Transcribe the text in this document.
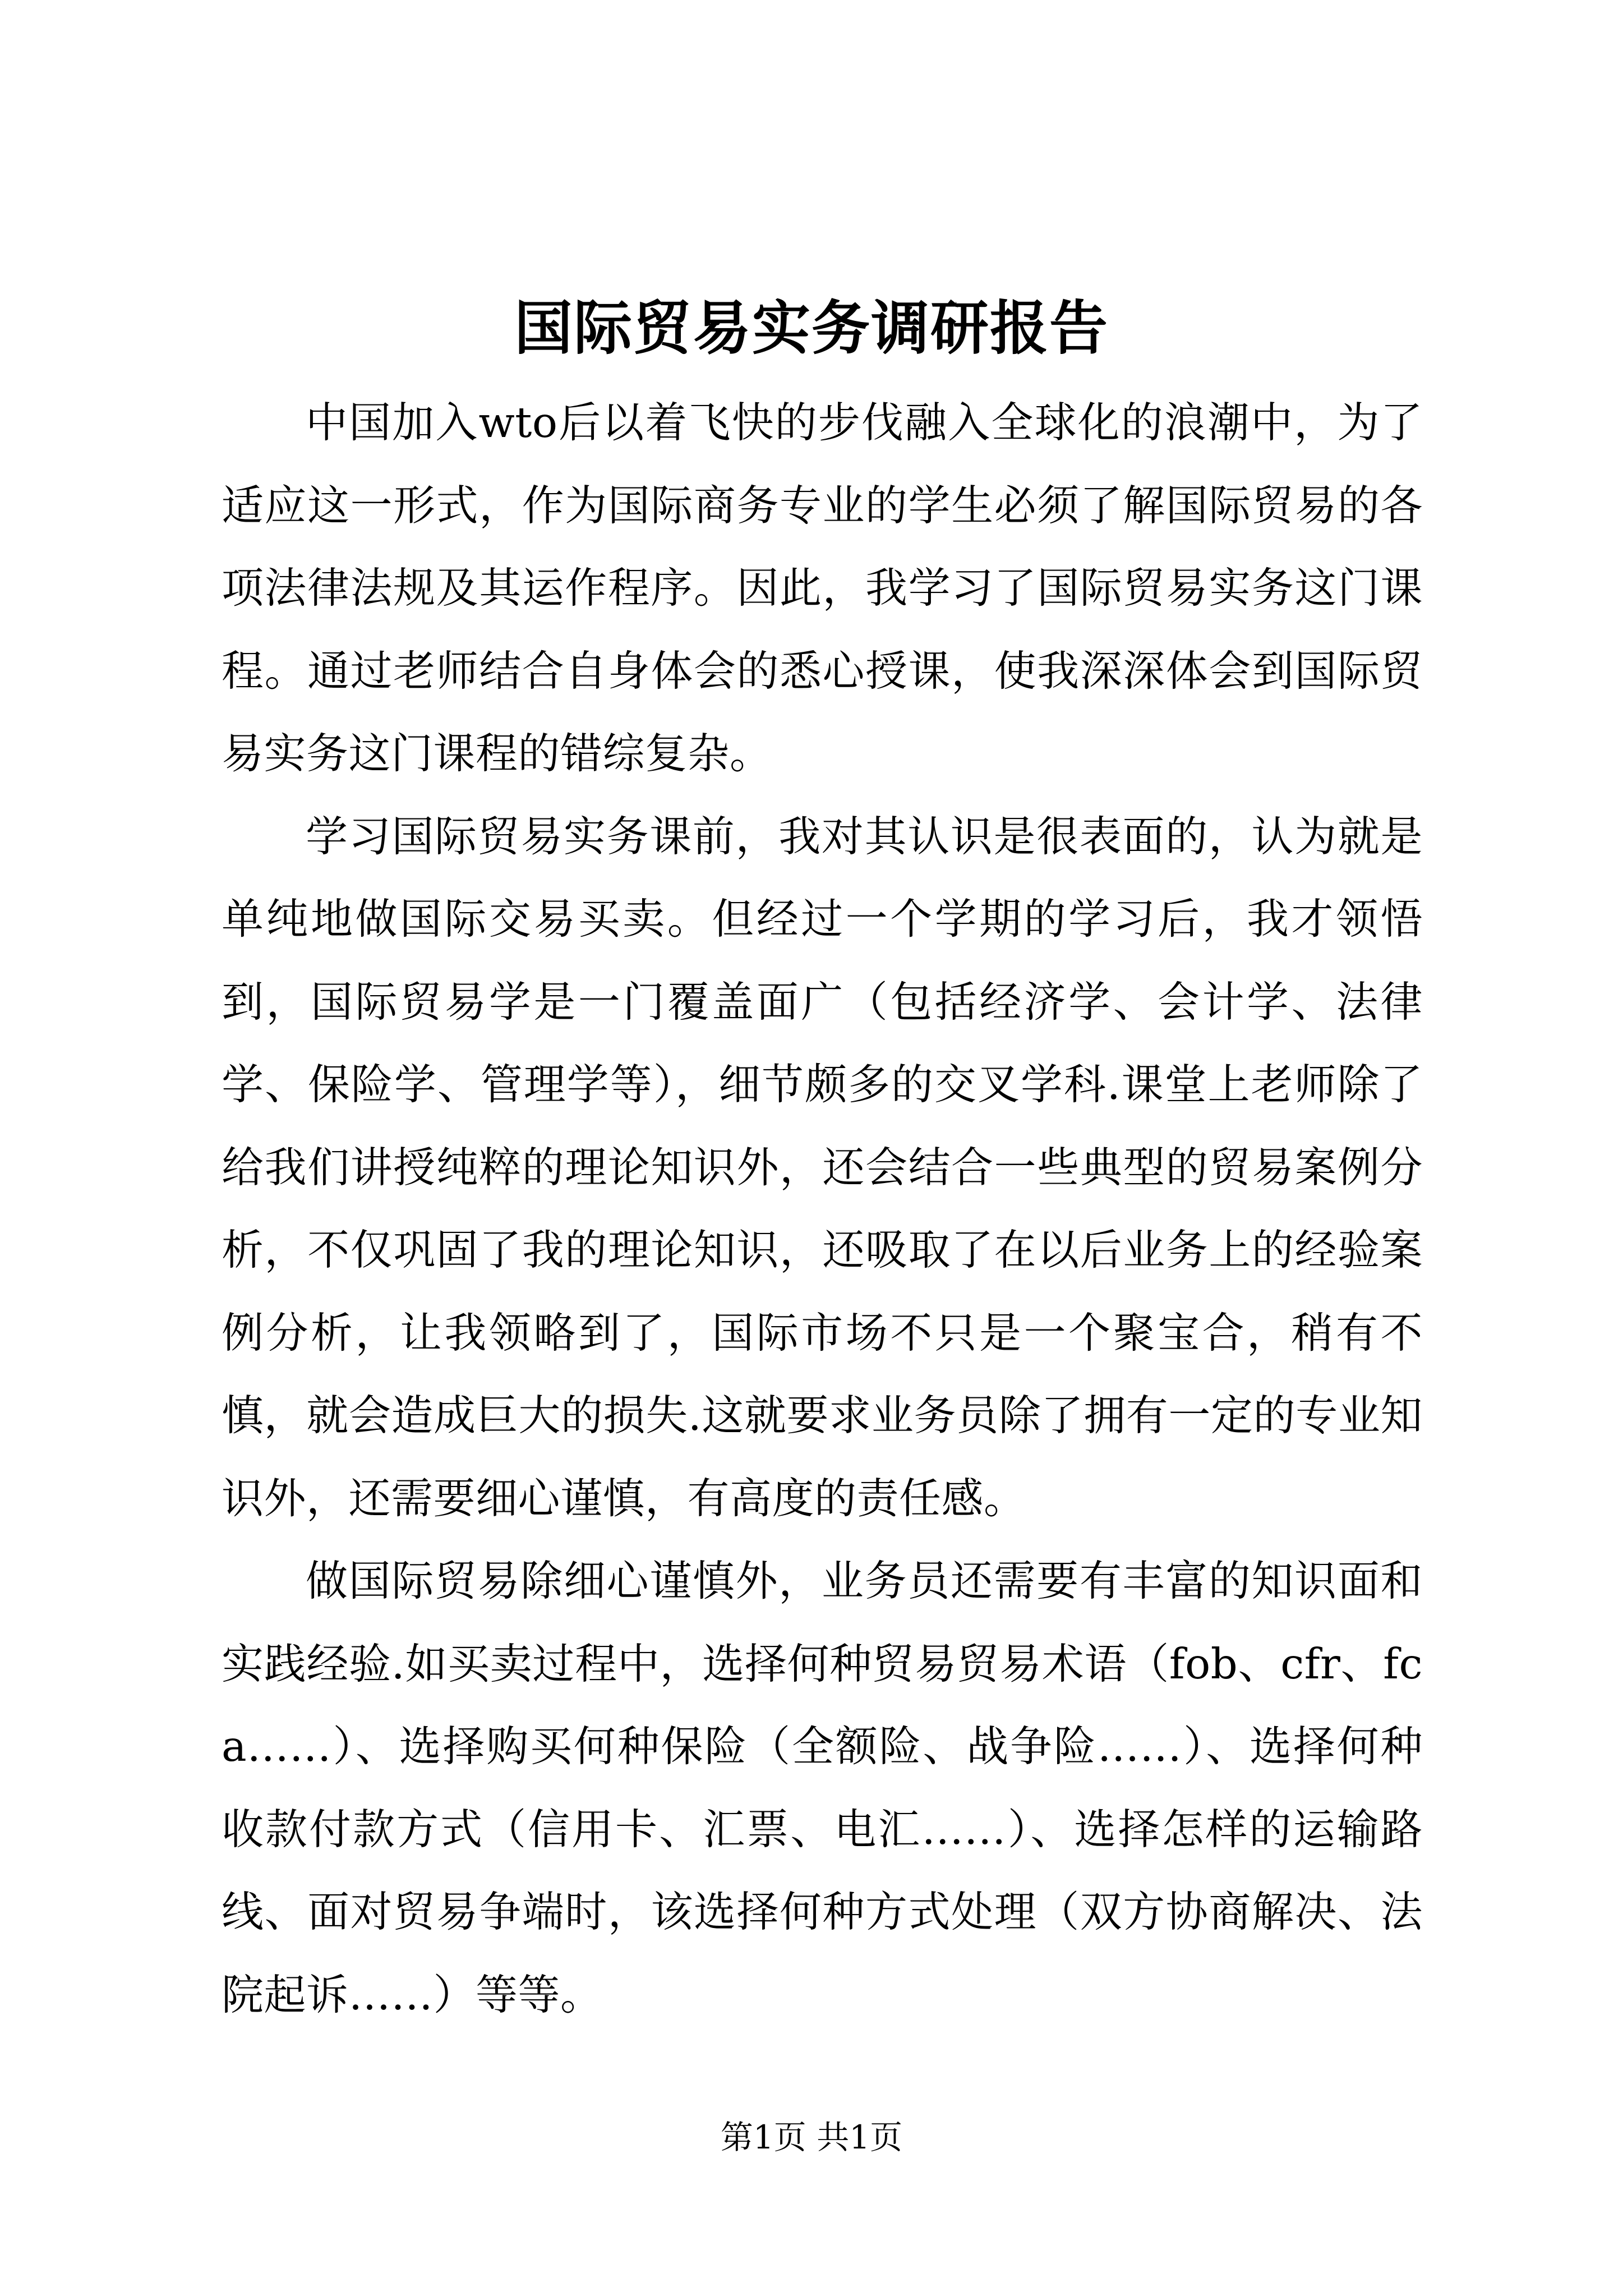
国际贸易实务调研报告

中国加入wto后以着飞快的步伐融入全球化的浪潮中，为了适应这一形式，作为国际商务专业的学生必须了解国际贸易的各项法律法规及其运作程序。因此，我学习了国际贸易实务这门课程。通过老师结合自身体会的悉心授课，使我深深体会到国际贸易实务这门课程的错综复杂。

学习国际贸易实务课前，我对其认识是很表面的，认为就是单纯地做国际交易买卖。但经过一个学期的学习后，我才领悟到，国际贸易学是一门覆盖面广（包括经济学、会计学、法律学、保险学、管理学等），细节颇多的交叉学科.课堂上老师除了给我们讲授纯粹的理论知识外，还会结合一些典型的贸易案例分析，不仅巩固了我的理论知识，还吸取了在以后业务上的经验案例分析，让我领略到了，国际市场不只是一个聚宝合，稍有不慎，就会造成巨大的损失.这就要求业务员除了拥有一定的专业知识外，还需要细心谨慎，有高度的责任感。

做国际贸易除细心谨慎外，业务员还需要有丰富的知识面和实践经验.如买卖过程中，选择何种贸易贸易术语（fob、cfr、fca……）、选择购买何种保险（全额险、战争险……）、选择何种收款付款方式（信用卡、汇票、电汇……）、选择怎样的运输路线、面对贸易争端时，该选择何种方式处理（双方协商解决、法院起诉……）等等。

第1页 共1页
